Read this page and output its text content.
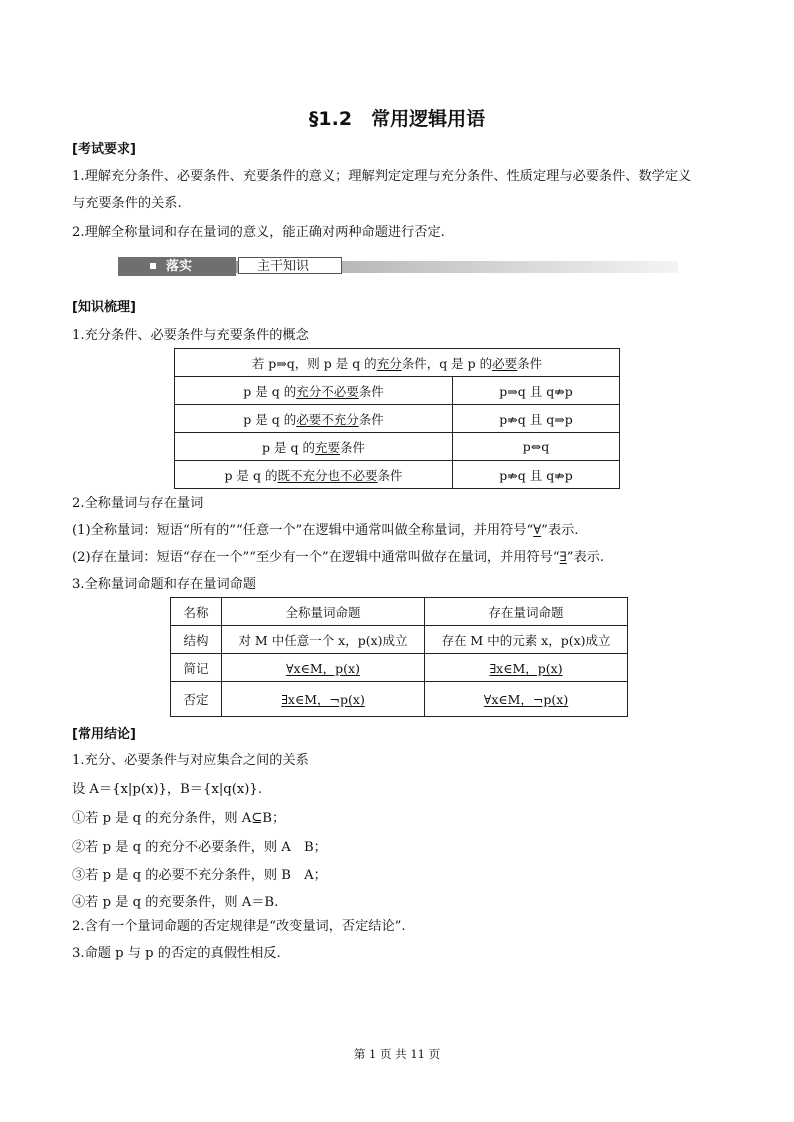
§1.2　常用逻辑用语
[考试要求]
1.理解充分条件、必要条件、充要条件的意义；理解判定定理与充分条件、性质定理与必要条件、数学定义
与充要条件的关系.
2.理解全称量词和存在量词的意义，能正确对两种命题进行否定.
落实	主干知识
[知识梳理]
1.充分条件、必要条件与充要条件的概念
若 p⇒q，则 p 是 q 的充分条件，q 是 p 的必要条件	
p 是 q 的充分不必要条件	p⇒q 且 q⇏p
p 是 q 的必要不充分条件	p⇏q 且 q⇒p
p 是 q 的充要条件	p⇔q
p 是 q 的既不充分也不必要条件	p⇏q 且 q⇏p
2.全称量词与存在量词
(1)全称量词：短语“所有的”“任意一个”在逻辑中通常叫做全称量词，并用符号“∀”表示.
(2)存在量词：短语“存在一个”“至少有一个”在逻辑中通常叫做存在量词，并用符号“∃”表示.
3.全称量词命题和存在量词命题
名称	全称量词命题	存在量词命题
结构	对 M 中任意一个 x，p(x)成立	存在 M 中的元素 x，p(x)成立
简记	∀x∈M，p(x)	∃x∈M，p(x)
否定	∃x∈M，¬p(x)	∀x∈M，¬p(x)
[常用结论]
1.充分、必要条件与对应集合之间的关系
设 A＝{x|p(x)}，B＝{x|q(x)}.
①若 p 是 q 的充分条件，则 A⊆B；
②若 p 是 q 的充分不必要条件，则 A　B；
③若 p 是 q 的必要不充分条件，则 B　A；
④若 p 是 q 的充要条件，则 A＝B.
2.含有一个量词命题的否定规律是“改变量词，否定结论”.
3.命题 p 与 p 的否定的真假性相反.
第 1 页 共 11 页
